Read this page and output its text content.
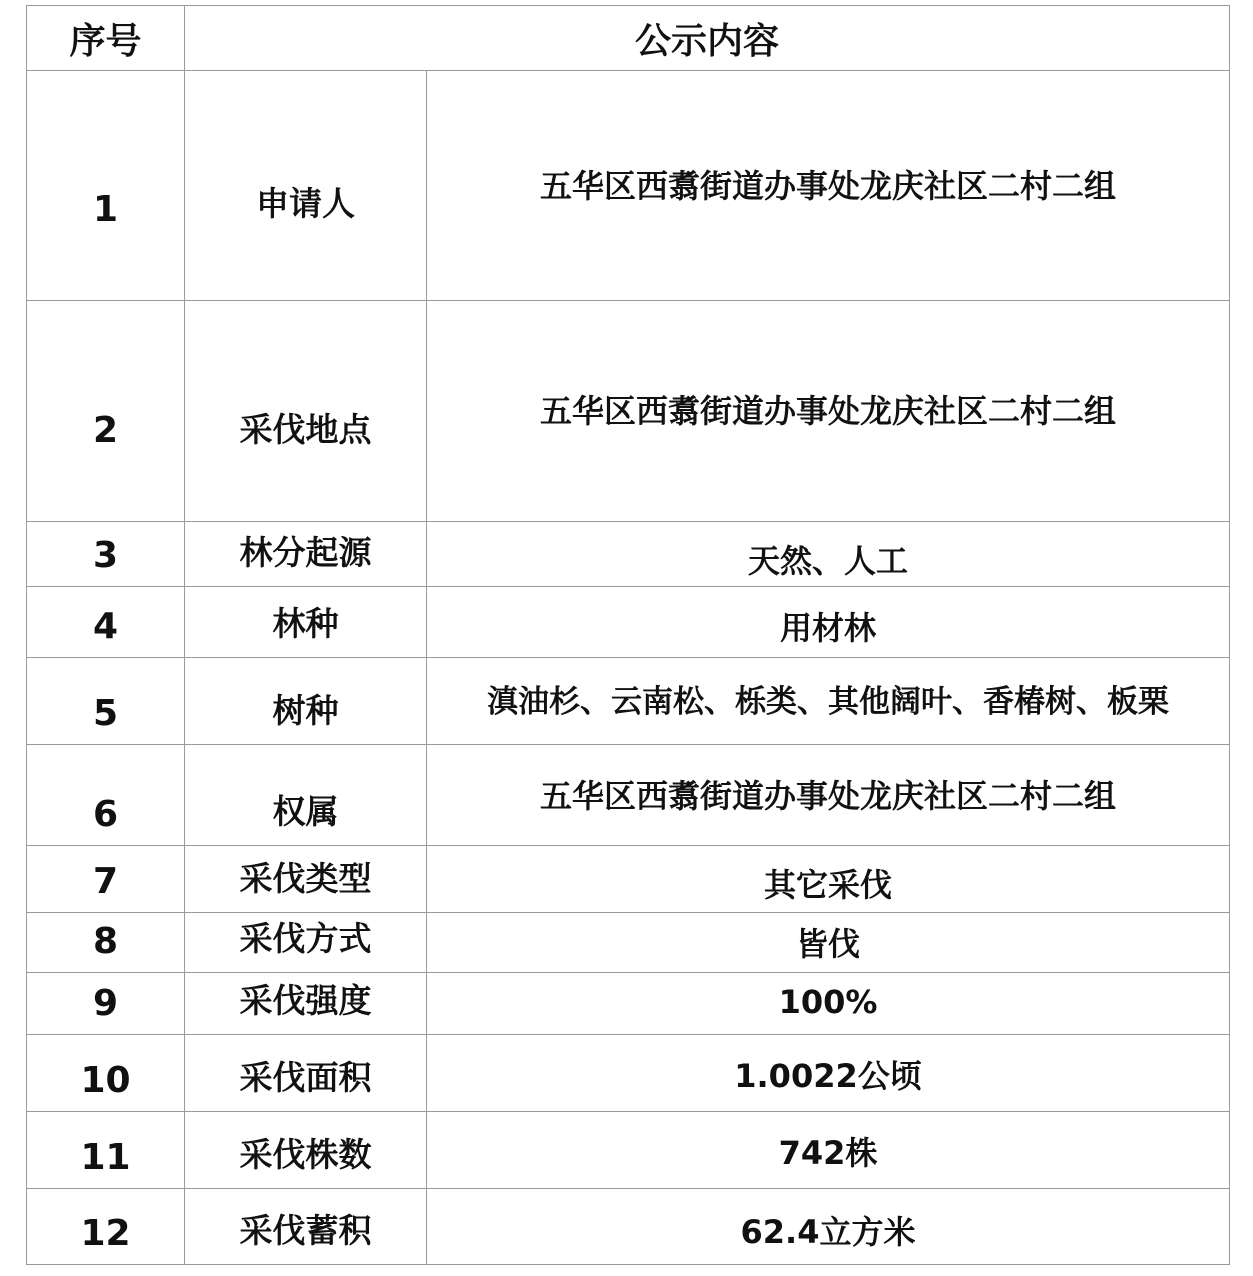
序号	公示内容	

1	申请人	五华区西翥街道办事处龙庆社区二村二组

2	采伐地点	五华区西翥街道办事处龙庆社区二村二组

3	林分起源	天然、人工

4	林种	用材林

5	树种	滇油杉、云南松、栎类、其他阔叶、香椿树、板栗

6	权属	五华区西翥街道办事处龙庆社区二村二组

7	采伐类型	其它采伐

8	采伐方式	皆伐

9	采伐强度	100%

10	采伐面积	1.0022公顷

11	采伐株数	742株

12	采伐蓄积	62.4立方米
